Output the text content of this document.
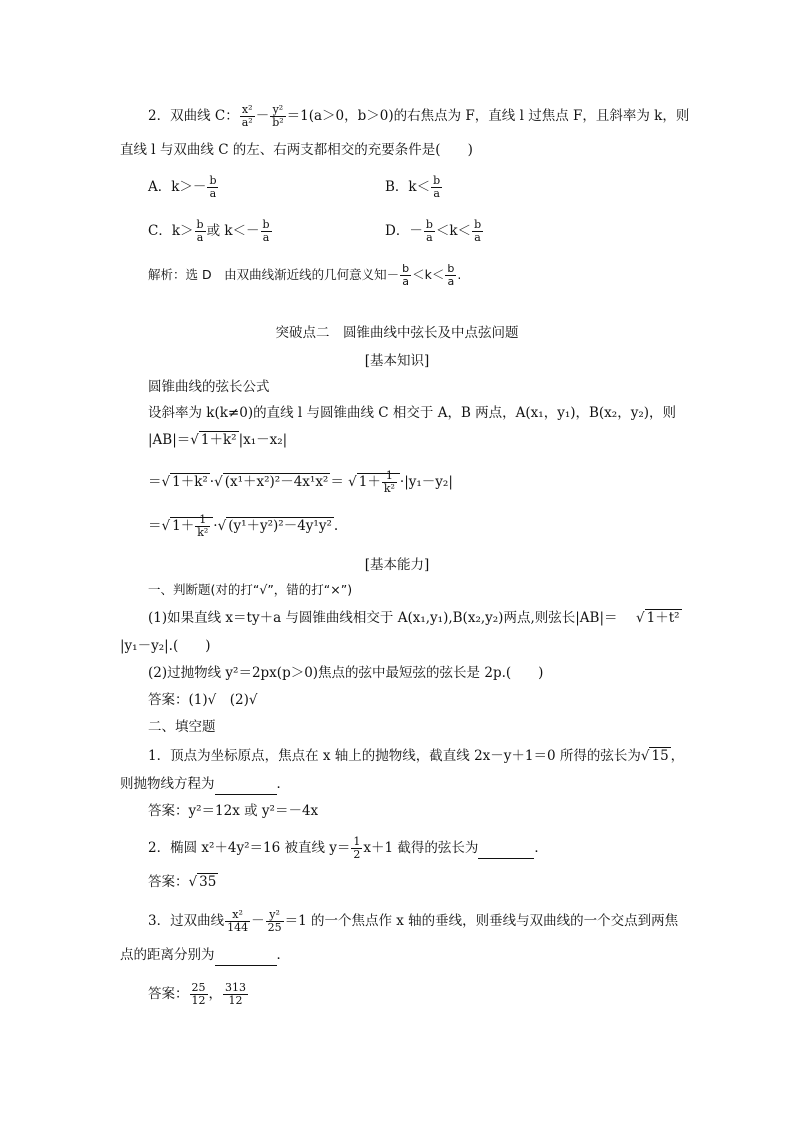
2．双曲线 C： $\frac{\text{x²}}{\text{a²}} - \frac{\text{y²}}{\text{b²}} =1(a>0$，b＞0)的右焦点为 F，直线 l 过焦点 F，且斜率为 k，则
直线 l 与双曲线 C 的左、右两支都相交的充要条件是(　　)
A．$k>- \frac{b}{a}$	B．$k< \frac{b}{a}$
C．$k> \frac{b}{a}$ 或 $k<- \frac{b}{a}$	D．－ $\frac{b}{a} <k< \frac{b}{a}$
解析：选 D　由双曲线渐近线的几何意义知－ $\frac{b}{a} <k< \frac{b}{a}$ .
突破点二　圆锥曲线中弦长及中点弦问题
[基本知识]
圆锥曲线的弦长公式
设斜率为 k(k≠0)的直线 l 与圆锥曲线 C 相交于 A，B 两点，A(x₁，y₁)，B(x₂，y₂)，则
|AB|＝√ 1＋k² |x₁－x₂|
＝√ 1＋k² ·√ (x¹＋x²)²－4x¹x² ＝ √ $1+ \frac{1}{\text{k²}} \cdot|y_1-y_2|$
＝√ $1+ \frac{1}{\text{k²}}$ ·√ (y¹＋y²)²－4y¹y² .
[基本能力]
一、判断题(对的打“√”，错的打“×”)
(1)如果直线 x＝ty＋a 与圆锥曲线相交于 A(x₁,y₁),B(x₂,y₂)两点,则弦长|AB|＝ √ 1＋t²
|y₁－y₂|.(　　)
(2)过抛物线 y²＝2px(p＞0)焦点的弦中最短弦的弦长是 2p.(　　)
答案：(1)√　(2)√
二、填空题
1．顶点为坐标原点，焦点在 x 轴上的抛物线，截直线 2x－y＋1＝0 所得的弦长为√ 15 ，
则抛物线方程为	．
答案：y²＝12x 或 y²＝－4x
2．椭圆 x²＋4y²＝16 被直线 $y= \frac{1}{2} x+1$ 截得的弦长为	．
答案：√ 35
3．过双曲线 $\frac{\text{x²}}{144} - \frac{\text{y²}}{25} =1$ 的一个焦点作 x 轴的垂线，则垂线与双曲线的一个交点到两焦
点的距离分别为	．
答案： $\frac{25}{12}$ ， $\frac{313}{12}$
